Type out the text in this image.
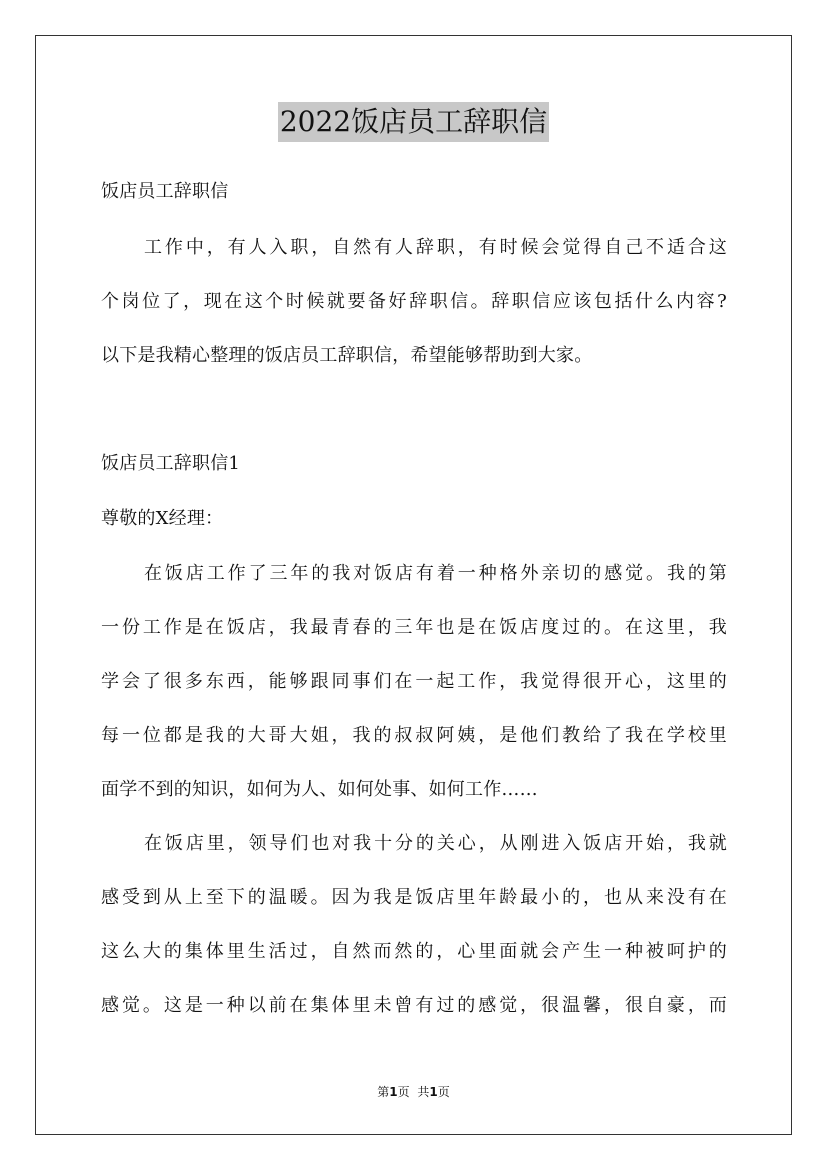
2022饭店员工辞职信
饭店员工辞职信
工作中，有人入职，自然有人辞职，有时候会觉得自己不适合这
个岗位了，现在这个时候就要备好辞职信。辞职信应该包括什么内容?
以下是我精心整理的饭店员工辞职信，希望能够帮助到大家。
饭店员工辞职信1
尊敬的X经理：
在饭店工作了三年的我对饭店有着一种格外亲切的感觉。我的第
一份工作是在饭店，我最青春的三年也是在饭店度过的。在这里，我
学会了很多东西，能够跟同事们在一起工作，我觉得很开心，这里的
每一位都是我的大哥大姐，我的叔叔阿姨，是他们教给了我在学校里
面学不到的知识，如何为人、如何处事、如何工作……
在饭店里，领导们也对我十分的关心，从刚进入饭店开始，我就
感受到从上至下的温暖。因为我是饭店里年龄最小的，也从来没有在
这么大的集体里生活过，自然而然的，心里面就会产生一种被呵护的
感觉。这是一种以前在集体里未曾有过的感觉，很温馨，很自豪，而
第1页 共1页
